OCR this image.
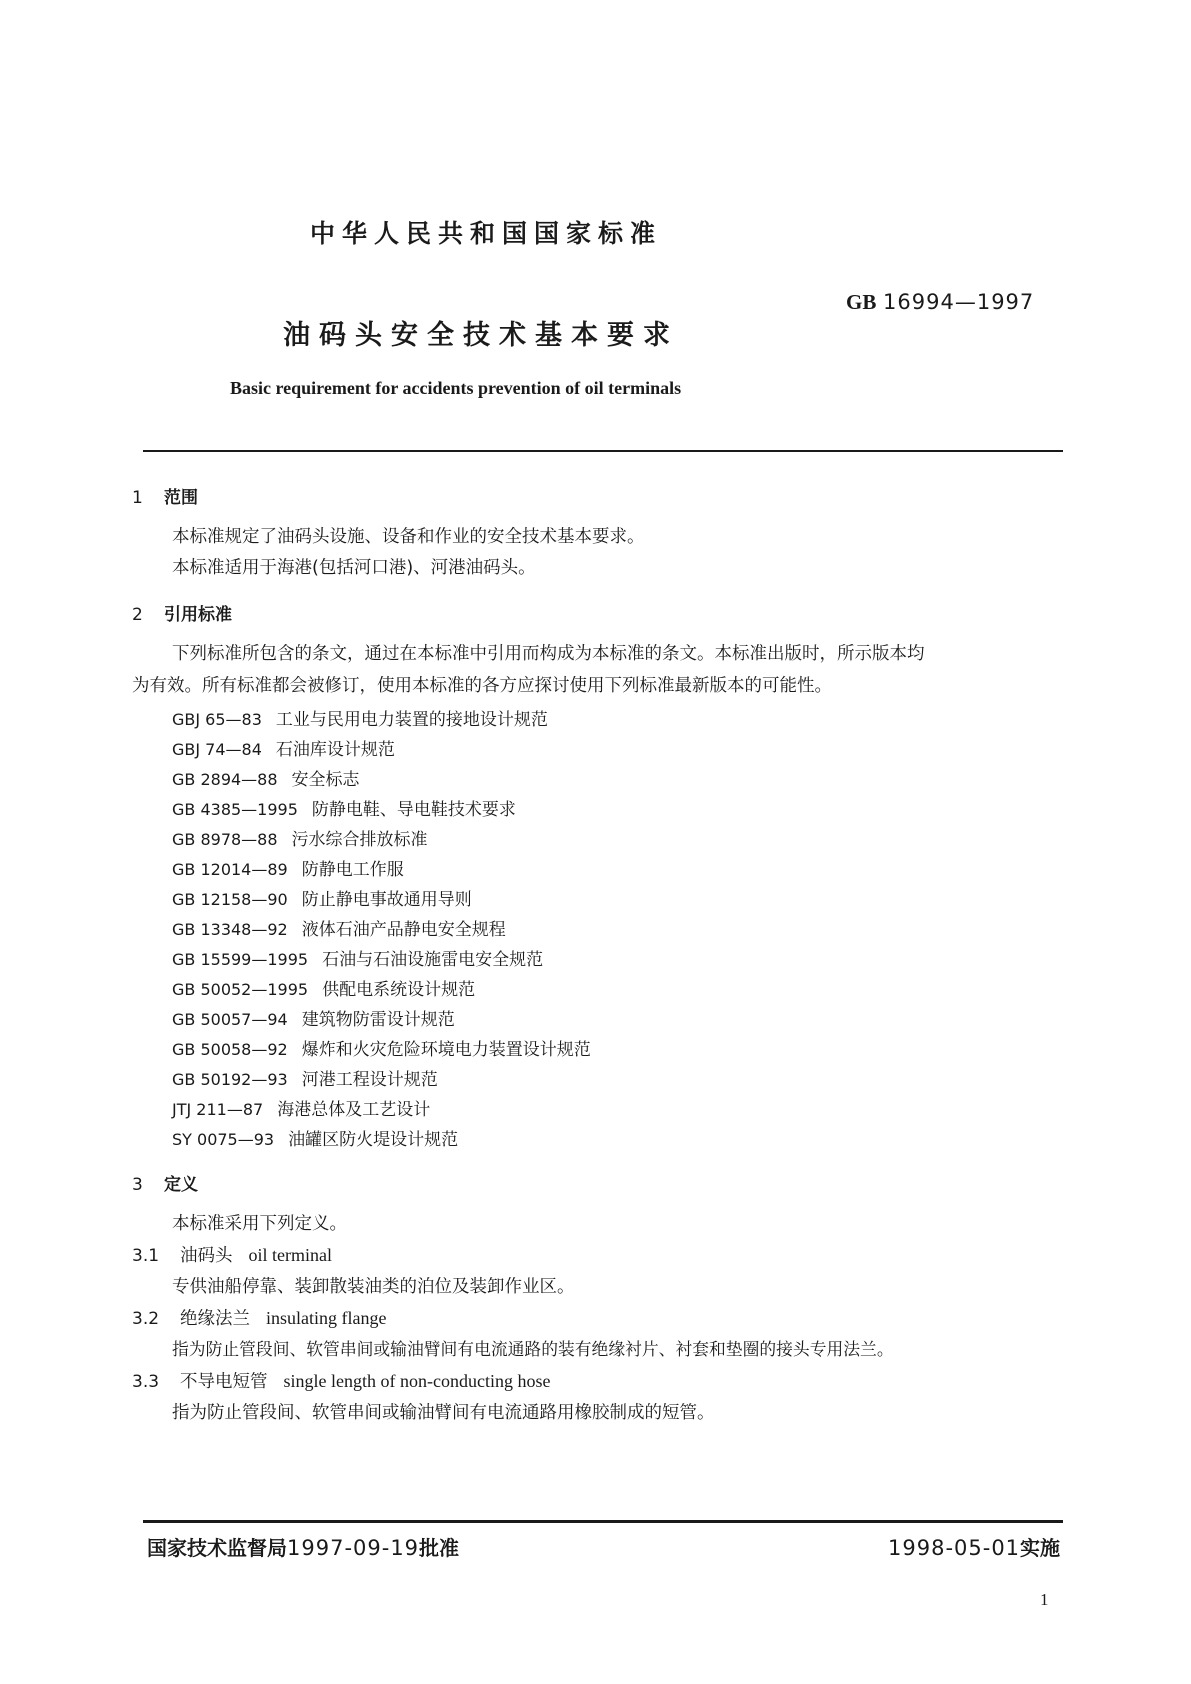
中华人民共和国国家标准
GB 16994—1997
油码头安全技术基本要求
Basic requirement for accidents prevention of oil terminals
1 范围
本标准规定了油码头设施、设备和作业的安全技术基本要求。
本标准适用于海港(包括河口港)、河港油码头。
2 引用标准
下列标准所包含的条文，通过在本标准中引用而构成为本标准的条文。本标准出版时，所示版本均
为有效。所有标准都会被修订，使用本标准的各方应探讨使用下列标准最新版本的可能性。
GBJ 65—83 工业与民用电力装置的接地设计规范
GBJ 74—84 石油库设计规范
GB 2894—88 安全标志
GB 4385—1995 防静电鞋、导电鞋技术要求
GB 8978—88 污水综合排放标准
GB 12014—89 防静电工作服
GB 12158—90 防止静电事故通用导则
GB 13348—92 液体石油产品静电安全规程
GB 15599—1995 石油与石油设施雷电安全规范
GB 50052—1995 供配电系统设计规范
GB 50057—94 建筑物防雷设计规范
GB 50058—92 爆炸和火灾危险环境电力装置设计规范
GB 50192—93 河港工程设计规范
JTJ 211—87 海港总体及工艺设计
SY 0075—93 油罐区防火堤设计规范
3 定义
本标准采用下列定义。
3.1 油码头 oil terminal
专供油船停靠、装卸散装油类的泊位及装卸作业区。
3.2 绝缘法兰 insulating flange
指为防止管段间、软管串间或输油臂间有电流通路的装有绝缘衬片、衬套和垫圈的接头专用法兰。
3.3 不导电短管 single length of non-conducting hose
指为防止管段间、软管串间或输油臂间有电流通路用橡胶制成的短管。
国家技术监督局1997-09-19批准	1998-05-01实施
1
